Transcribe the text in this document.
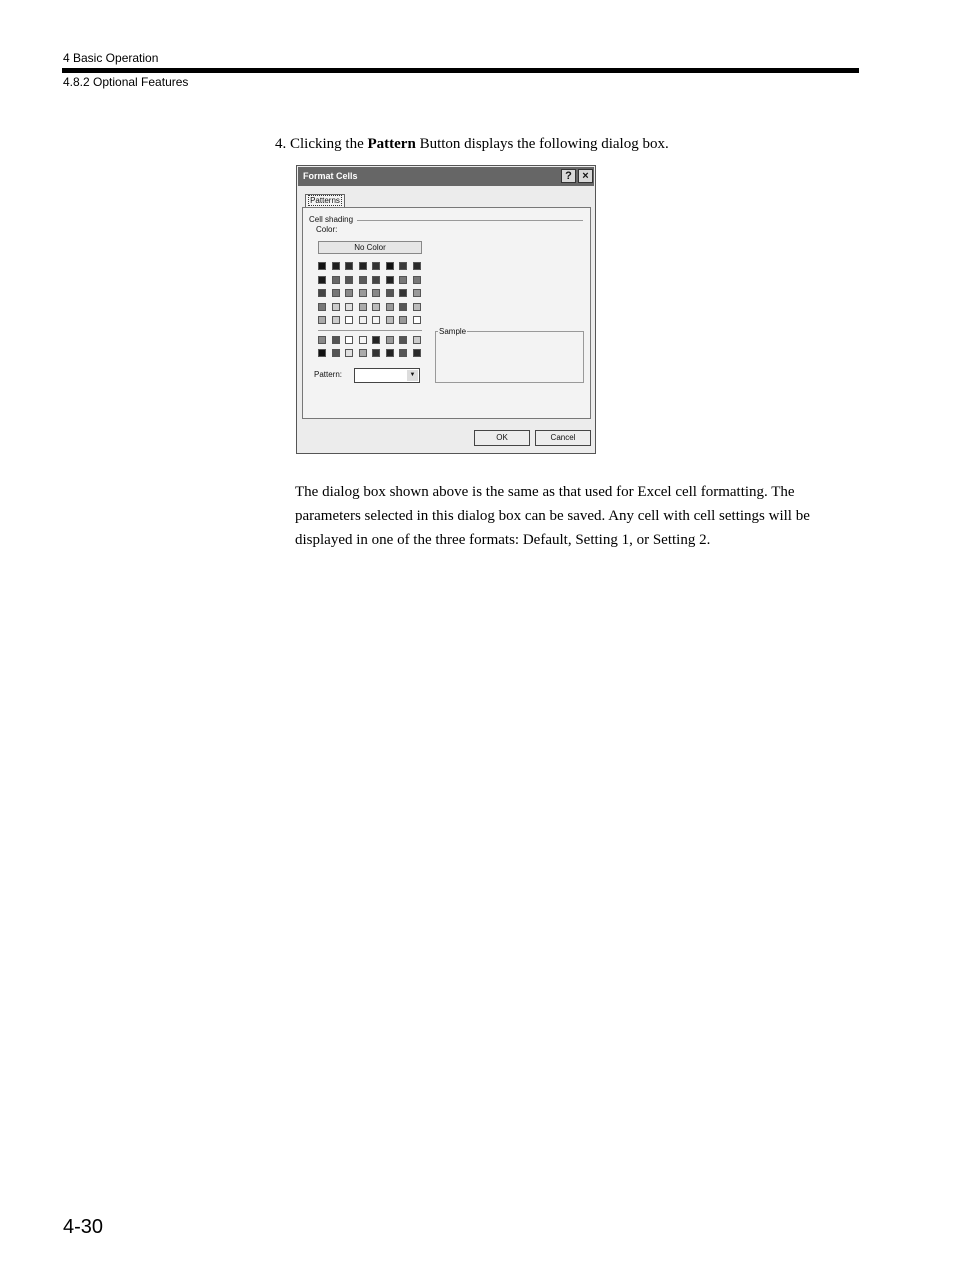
4 Basic Operation
4.8.2 Optional Features
4. Clicking the Pattern Button displays the following dialog box.
Format Cells	? ×
Patterns
Cell shading
Color:
No Color
Sample
Pattern:	▼
OK	Cancel
The dialog box shown above is the same as that used for Excel cell formatting. The parameters selected in this dialog box can be saved. Any cell with cell settings will be displayed in one of the three formats: Default, Setting 1, or Setting 2.
4-30
